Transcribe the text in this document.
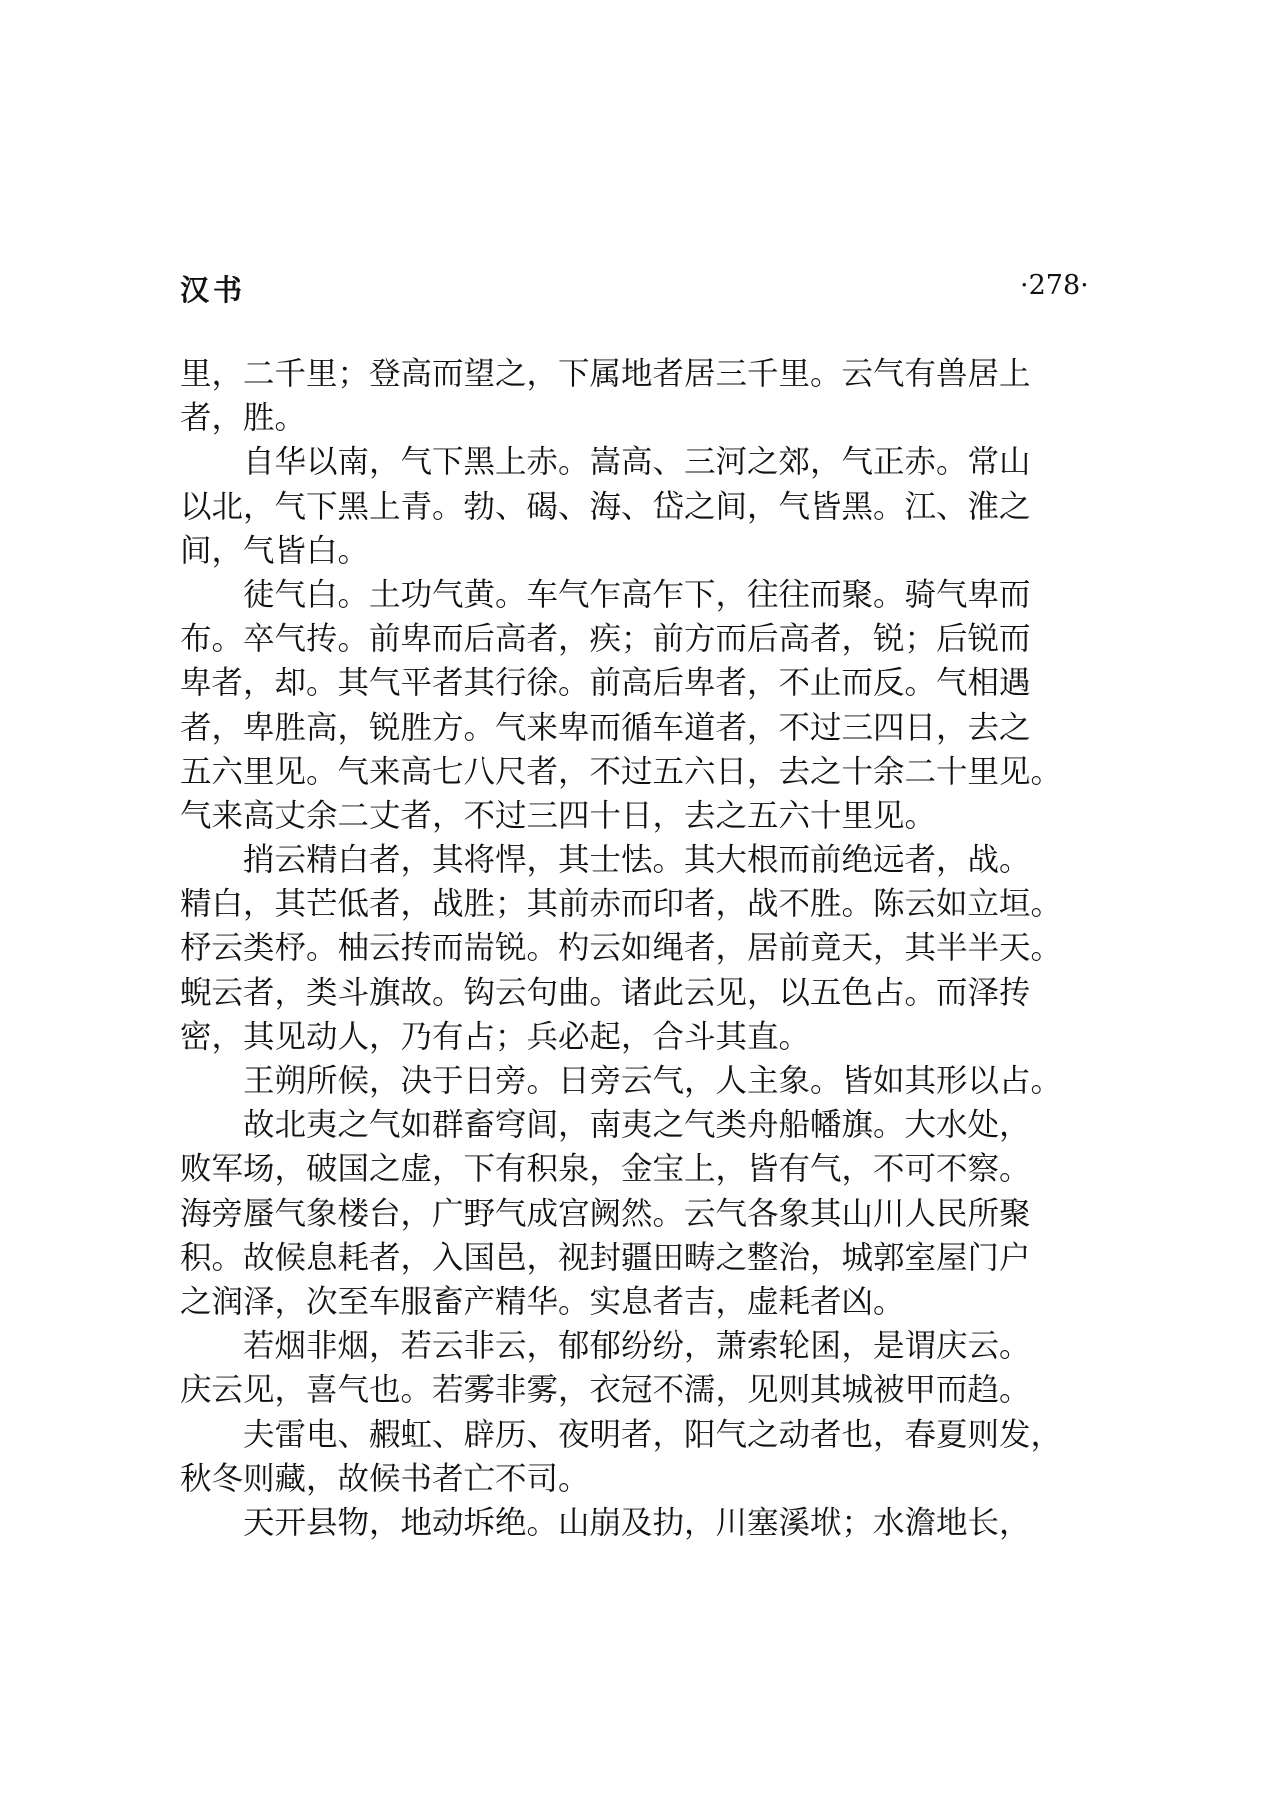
汉书	·278·
里，二千里；登高而望之，下属地者居三千里。云气有兽居上
者，胜。
自华以南，气下黑上赤。嵩高、三河之郊，气正赤。常山
以北，气下黑上青。勃、碣、海、岱之间，气皆黑。江、淮之
间，气皆白。
徒气白。土功气黄。车气乍高乍下，往往而聚。骑气卑而
布。卒气抟。前卑而后高者，疾；前方而后高者，锐；后锐而
卑者，却。其气平者其行徐。前高后卑者，不止而反。气相遇
者，卑胜高，锐胜方。气来卑而循车道者，不过三四日，去之
五六里见。气来高七八尺者，不过五六日，去之十余二十里见。
气来高丈余二丈者，不过三四十日，去之五六十里见。
捎云精白者，其将悍，其士怯。其大根而前绝远者，战。
精白，其芒低者，战胜；其前赤而印者，战不胜。陈云如立垣。
杼云类杼。柚云抟而耑锐。杓云如绳者，居前竟天，其半半天。
蜺云者，类斗旗故。钩云句曲。诸此云见，以五色占。而泽抟
密，其见动人，乃有占；兵必起，合斗其直。
王朔所候，决于日旁。日旁云气，人主象。皆如其形以占。
故北夷之气如群畜穹闾，南夷之气类舟船幡旗。大水处，
败军场，破国之虚，下有积泉，金宝上，皆有气，不可不察。
海旁蜃气象楼台，广野气成宫阙然。云气各象其山川人民所聚
积。故候息耗者，入国邑，视封疆田畴之整治，城郭室屋门户
之润泽，次至车服畜产精华。实息者吉，虚耗者凶。
若烟非烟，若云非云，郁郁纷纷，萧索轮囷，是谓庆云。
庆云见，喜气也。若雾非雾，衣冠不濡，见则其城被甲而趋。
夫雷电、赮虹、辟历、夜明者，阳气之动者也，春夏则发，
秋冬则藏，故候书者亡不司。
天开县物，地动坼绝。山崩及扐，川塞溪垘；水澹地长，
